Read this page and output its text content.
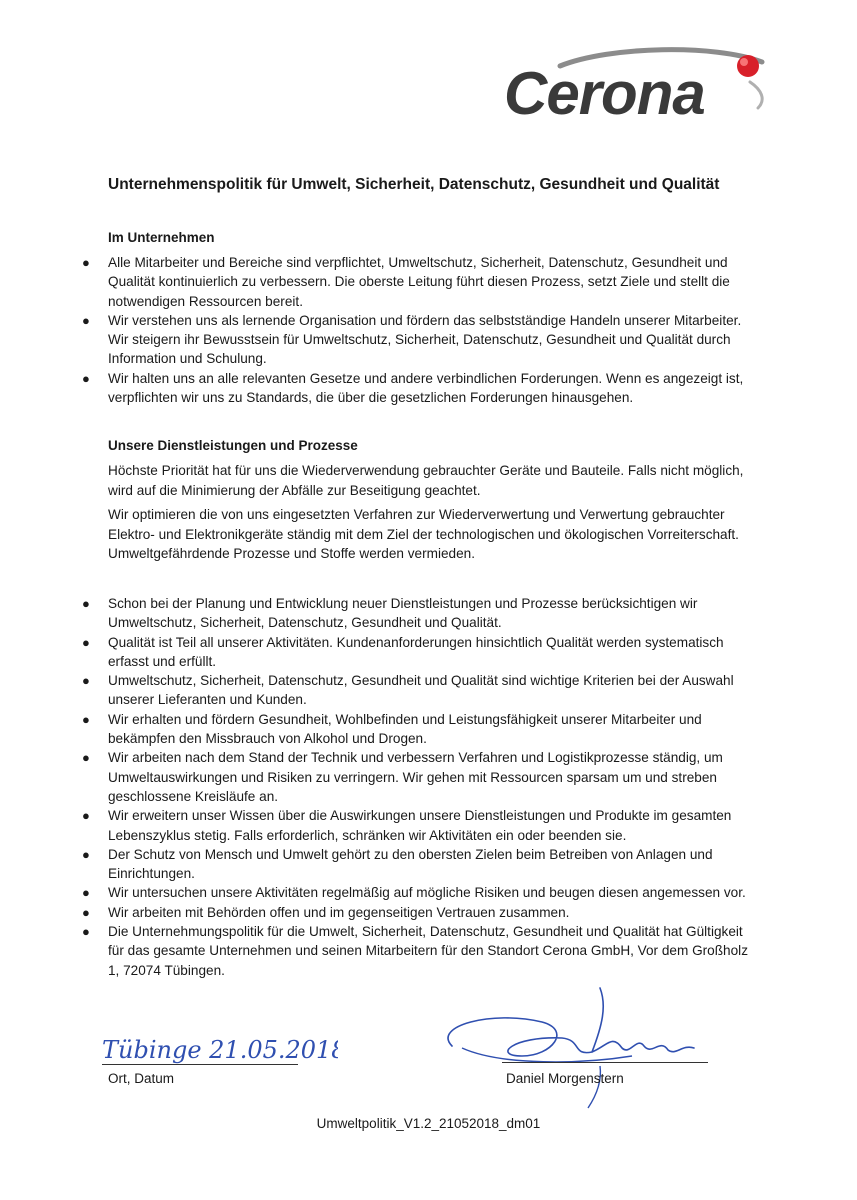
Cerona
Unternehmenspolitik für Umwelt, Sicherheit, Datenschutz, Gesundheit und Qualität
Im Unternehmen
● Alle Mitarbeiter und Bereiche sind verpflichtet, Umweltschutz, Sicherheit, Datenschutz, Gesundheit und Qualität kontinuierlich zu verbessern. Die oberste Leitung führt diesen Prozess, setzt Ziele und stellt die notwendigen Ressourcen bereit.
● Wir verstehen uns als lernende Organisation und fördern das selbstständige Handeln unserer Mitarbeiter. Wir steigern ihr Bewusstsein für Umweltschutz, Sicherheit, Datenschutz, Gesundheit und Qualität durch Information und Schulung.
● Wir halten uns an alle relevanten Gesetze und andere verbindlichen Forderungen. Wenn es angezeigt ist, verpflichten wir uns zu Standards, die über die gesetzlichen Forderungen hinausgehen.
Unsere Dienstleistungen und Prozesse

Höchste Priorität hat für uns die Wiederverwendung gebrauchter Geräte und Bauteile. Falls nicht möglich, wird auf die Minimierung der Abfälle zur Beseitigung geachtet.

Wir optimieren die von uns eingesetzten Verfahren zur Wiederverwertung und Verwertung gebrauchter Elektro- und Elektronikgeräte ständig mit dem Ziel der technologischen und ökologischen Vorreiterschaft. Umweltgefährdende Prozesse und Stoffe werden vermieden.

● Schon bei der Planung und Entwicklung neuer Dienstleistungen und Prozesse berücksichtigen wir Umweltschutz, Sicherheit, Datenschutz, Gesundheit und Qualität.
● Qualität ist Teil all unserer Aktivitäten. Kundenanforderungen hinsichtlich Qualität werden systematisch erfasst und erfüllt.
● Umweltschutz, Sicherheit, Datenschutz, Gesundheit und Qualität sind wichtige Kriterien bei der Auswahl unserer Lieferanten und Kunden.
● Wir erhalten und fördern Gesundheit, Wohlbefinden und Leistungsfähigkeit unserer Mitarbeiter und bekämpfen den Missbrauch von Alkohol und Drogen.
● Wir arbeiten nach dem Stand der Technik und verbessern Verfahren und Logistikprozesse ständig, um Umweltauswirkungen und Risiken zu verringern. Wir gehen mit Ressourcen sparsam um und streben geschlossene Kreisläufe an.
● Wir erweitern unser Wissen über die Auswirkungen unsere Dienstleistungen und Produkte im gesamten Lebenszyklus stetig. Falls erforderlich, schränken wir Aktivitäten ein oder beenden sie.
● Der Schutz von Mensch und Umwelt gehört zu den obersten Zielen beim Betreiben von Anlagen und Einrichtungen.
● Wir untersuchen unsere Aktivitäten regelmäßig auf mögliche Risiken und beugen diesen angemessen vor.
● Wir arbeiten mit Behörden offen und im gegenseitigen Vertrauen zusammen.
● Die Unternehmungspolitik für die Umwelt, Sicherheit, Datenschutz, Gesundheit und Qualität hat Gültigkeit für das gesamte Unternehmen und seinen Mitarbeitern für den Standort Cerona GmbH, Vor dem Großholz 1, 72074 Tübingen.
Tübinge 21.05.2018
Ort, Datum	Daniel Morgenstern
Umweltpolitik_V1.2_21052018_dm01
